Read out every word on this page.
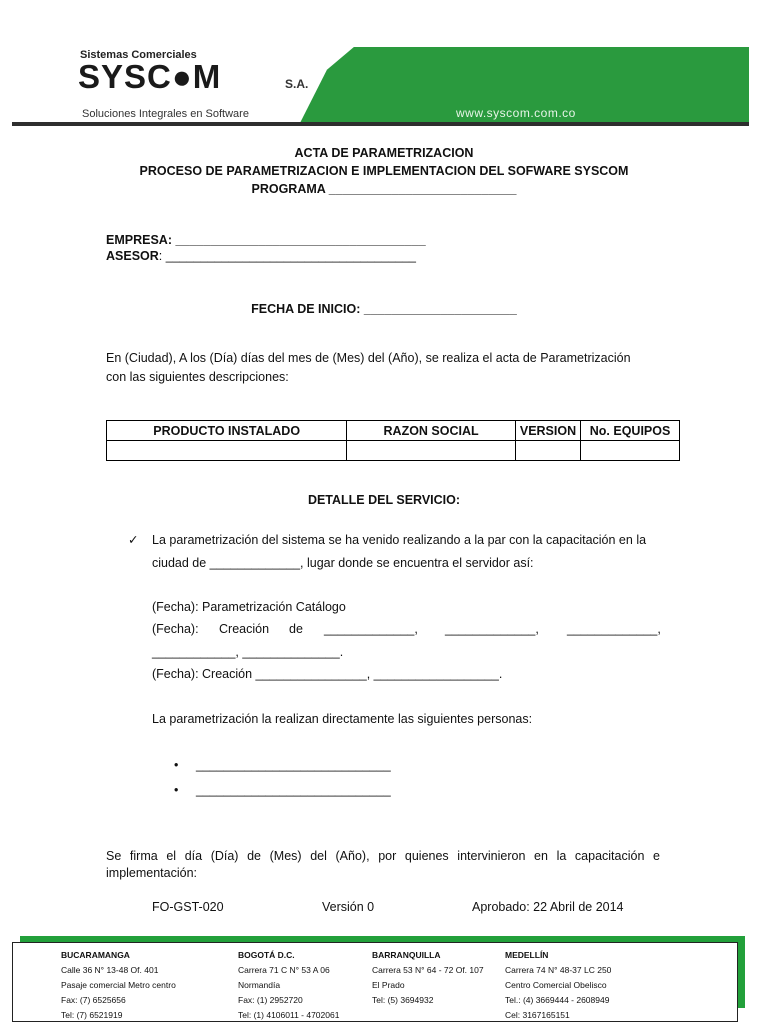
Sistemas Comerciales
SYSC●M	S.A.
Soluciones Integrales en Software	www.syscom.com.co
ACTA DE PARAMETRIZACION
PROCESO DE PARAMETRIZACION E IMPLEMENTACION DEL SOFWARE SYSCOM
PROGRAMA ___________________________
EMPRESA: ____________________________________
ASESOR: ____________________________________
FECHA DE INICIO: ______________________
En (Ciudad), A los (Día) días del mes de (Mes) del (Año), se realiza el acta de Parametrización
con las siguientes descripciones:
PRODUCTO INSTALADO	RAZON SOCIAL	VERSION	No. EQUIPOS

DETALLE DEL SERVICIO:
✓ La parametrización del sistema se ha venido realizando a la par con la capacitación en la
ciudad de _____________, lugar donde se encuentra el servidor así:
(Fecha): Parametrización Catálogo
(Fecha): Creación de _____________, _____________, _____________,
____________, ______________.
(Fecha): Creación ________________, __________________.
La parametrización la realizan directamente las siguientes personas:
• ____________________________
• ____________________________
Se firma el día (Día) de (Mes) del (Año), por quienes intervinieron en la capacitación e
implementación:
FO-GST-020	Versión 0	Aprobado: 22 Abril de 2014
BUCARAMANGA
Calle 36 N° 13-48 Of. 401
Pasaje comercial Metro centro
Fax: (7) 6525656
Tel: (7) 6521919
BOGOTÁ D.C.
Carrera 71 C N° 53 A 06
Normandía
Fax: (1) 2952720
Tel: (1) 4106011 - 4702061
BARRANQUILLA
Carrera 53 N° 64 - 72 Of. 107
El Prado
Tel: (5) 3694932
MEDELLÍN
Carrera 74 N° 48-37 LC 250
Centro Comercial Obelisco
Tel.: (4) 3669444 - 2608949
Cel: 3167165151
